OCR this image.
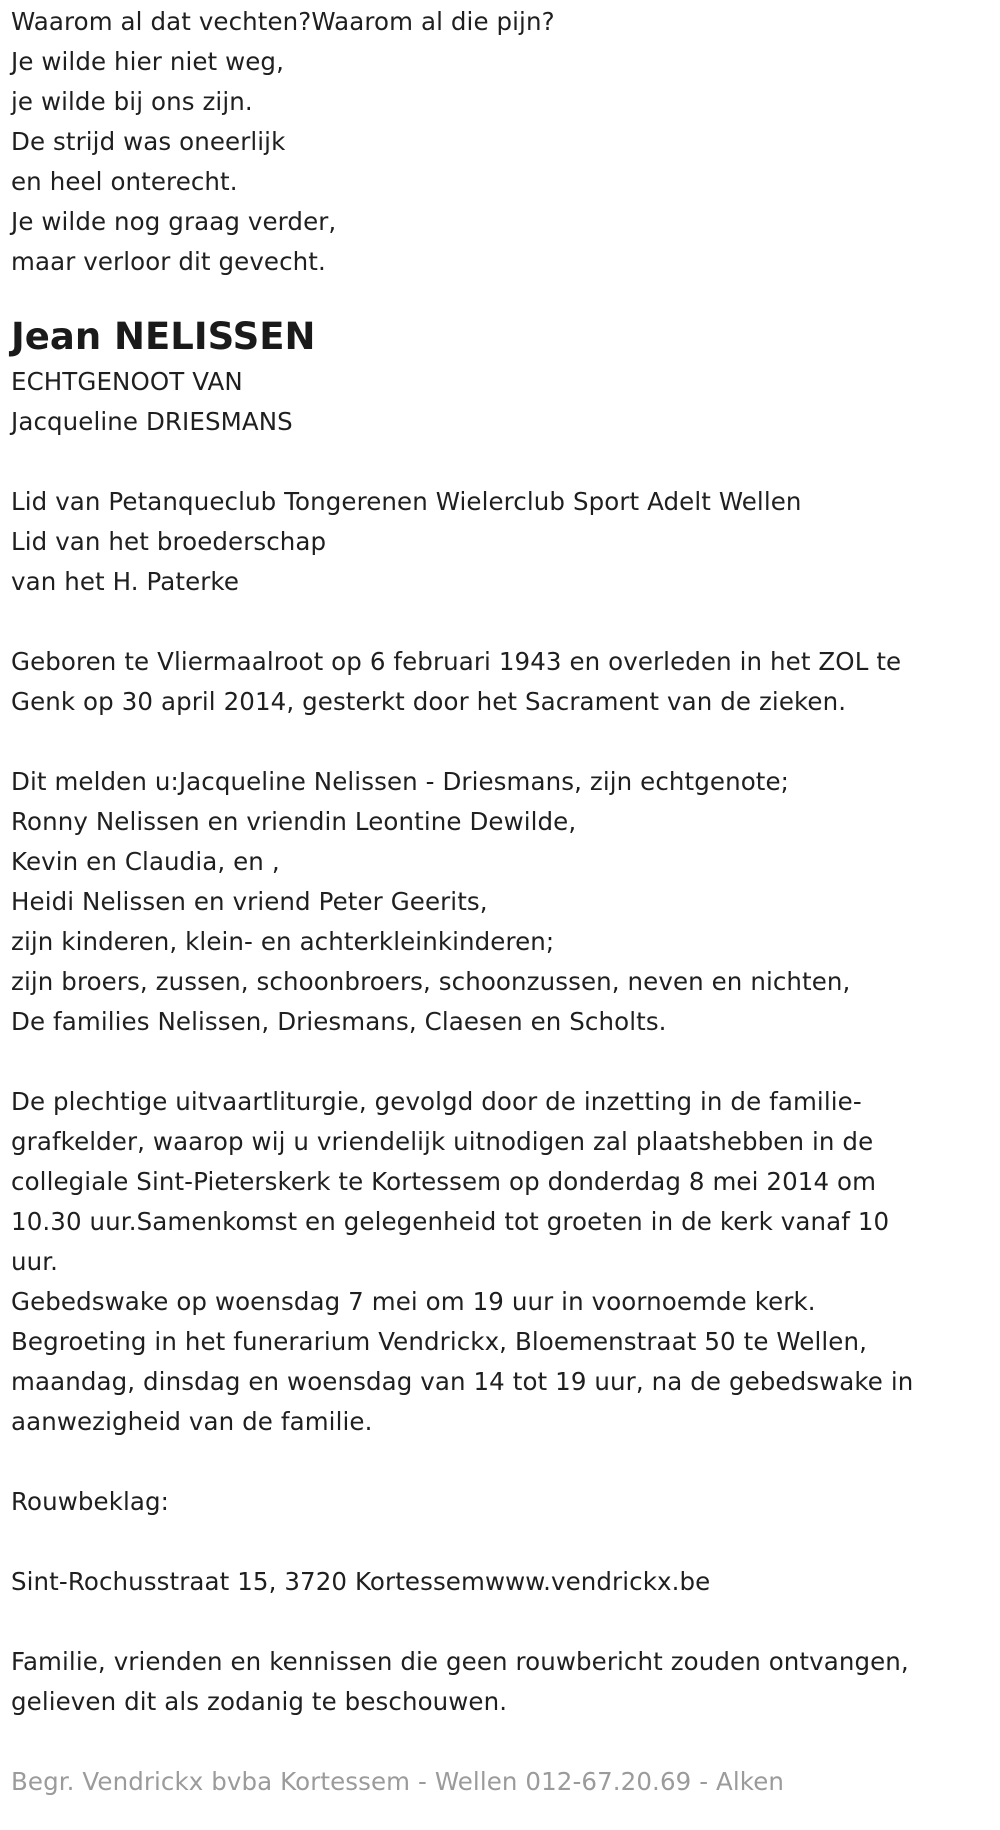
Waarom al dat vechten?Waarom al die pijn?
Je wilde hier niet weg,
je wilde bij ons zijn.
De strijd was oneerlijk
en heel onterecht.
Je wilde nog graag verder,
maar verloor dit gevecht.
Jean NELISSEN
ECHTGENOOT VAN
Jacqueline DRIESMANS
Lid van Petanqueclub Tongerenen Wielerclub Sport Adelt Wellen
Lid van het broederschap
van het H. Paterke
Geboren te Vliermaalroot op 6 februari 1943 en overleden in het ZOL te
Genk op 30 april 2014, gesterkt door het Sacrament van de zieken.
Dit melden u:Jacqueline Nelissen - Driesmans, zijn echtgenote;
Ronny Nelissen en vriendin Leontine Dewilde,
Kevin en Claudia, en ,
Heidi Nelissen en vriend Peter Geerits,
zijn kinderen, klein- en achterkleinkinderen;
zijn broers, zussen, schoonbroers, schoonzussen, neven en nichten,
De families Nelissen, Driesmans, Claesen en Scholts.
De plechtige uitvaartliturgie, gevolgd door de inzetting in de familie-
grafkelder, waarop wij u vriendelijk uitnodigen zal plaatshebben in de
collegiale Sint-Pieterskerk te Kortessem op donderdag 8 mei 2014 om
10.30 uur.Samenkomst en gelegenheid tot groeten in de kerk vanaf 10
uur.
Gebedswake op woensdag 7 mei om 19 uur in voornoemde kerk.
Begroeting in het funerarium Vendrickx, Bloemenstraat 50 te Wellen,
maandag, dinsdag en woensdag van 14 tot 19 uur, na de gebedswake in
aanwezigheid van de familie.
Rouwbeklag:
Sint-Rochusstraat 15, 3720 Kortessemwww.vendrickx.be
Familie, vrienden en kennissen die geen rouwbericht zouden ontvangen,
gelieven dit als zodanig te beschouwen.
Begr. Vendrickx bvba Kortessem - Wellen 012-67.20.69 - Alken
